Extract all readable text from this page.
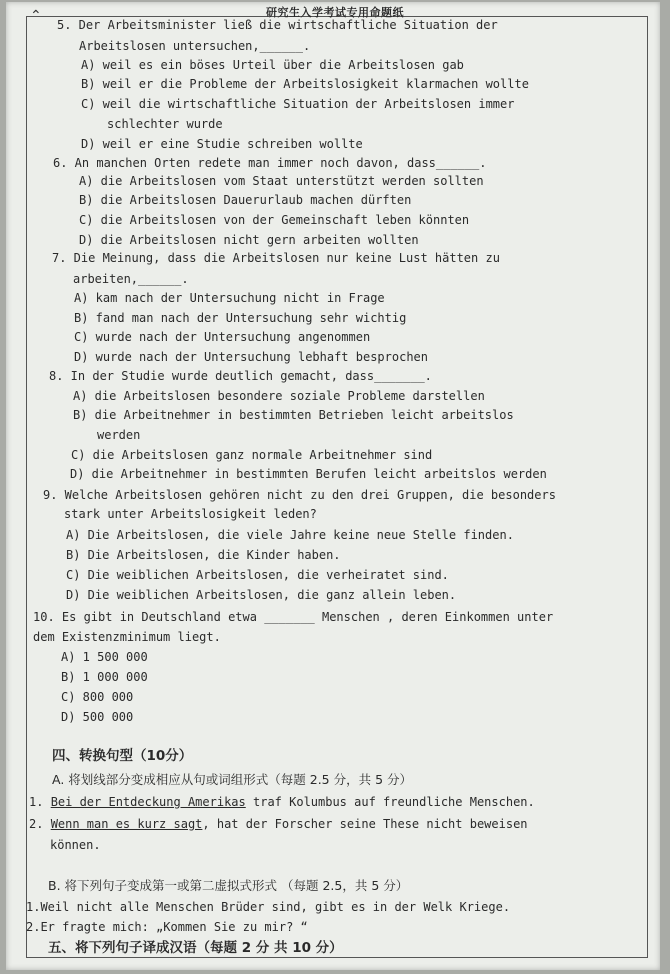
研究生入学考试专用命题纸
⌃
5. Der Arbeitsminister ließ die wirtschaftliche Situation der
Arbeitslosen untersuchen,______.
A) weil es ein böses Urteil über die Arbeitslosen gab
B) weil er die Probleme der Arbeitslosigkeit klarmachen wollte
C) weil die wirtschaftliche Situation der Arbeitslosen immer
schlechter wurde
D) weil er eine Studie schreiben wollte
6. An manchen Orten redete man immer noch davon, dass______.
A) die Arbeitslosen vom Staat unterstützt werden sollten
B) die Arbeitslosen Dauerurlaub machen dürften
C) die Arbeitslosen von der Gemeinschaft leben könnten
D) die Arbeitslosen nicht gern arbeiten wollten
7. Die Meinung, dass die Arbeitslosen nur keine Lust hätten zu
arbeiten,______.
A) kam nach der Untersuchung nicht in Frage
B) fand man nach der Untersuchung sehr wichtig
C) wurde nach der Untersuchung angenommen
D) wurde nach der Untersuchung lebhaft besprochen
8. In der Studie wurde deutlich gemacht, dass_______.
A) die Arbeitslosen besondere soziale Probleme darstellen
B) die Arbeitnehmer in bestimmten Betrieben leicht arbeitslos
werden
C) die Arbeitslosen ganz normale Arbeitnehmer sind
D) die Arbeitnehmer in bestimmten Berufen leicht arbeitslos werden
9. Welche Arbeitslosen gehören nicht zu den drei Gruppen, die besonders
stark unter Arbeitslosigkeit leden?
A) Die Arbeitslosen, die viele Jahre keine neue Stelle finden.
B) Die Arbeitslosen, die Kinder haben.
C) Die weiblichen Arbeitslosen, die verheiratet sind.
D) Die weiblichen Arbeitslosen, die ganz allein leben.
10. Es gibt in Deutschland etwa _______ Menschen , deren Einkommen unter
dem Existenzminimum liegt.
A) 1 500 000
B) 1 000 000
C) 800 000
D) 500 000
四、转换句型（10分）
A. 将划线部分变成相应从句或词组形式（每题 2.5 分，共 5 分）
1. Bei der Entdeckung Amerikas traf Kolumbus auf freundliche Menschen.
2. Wenn man es kurz sagt, hat der Forscher seine These nicht beweisen
können.
B. 将下列句子变成第一或第二虚拟式形式 （每题 2.5，共 5 分）
1.Weil nicht alle Menschen Brüder sind, gibt es in der Welk Kriege.
2.Er fragte mich: „Kommen Sie zu mir? “
五、将下列句子译成汉语（每题 2 分 共 10 分）
